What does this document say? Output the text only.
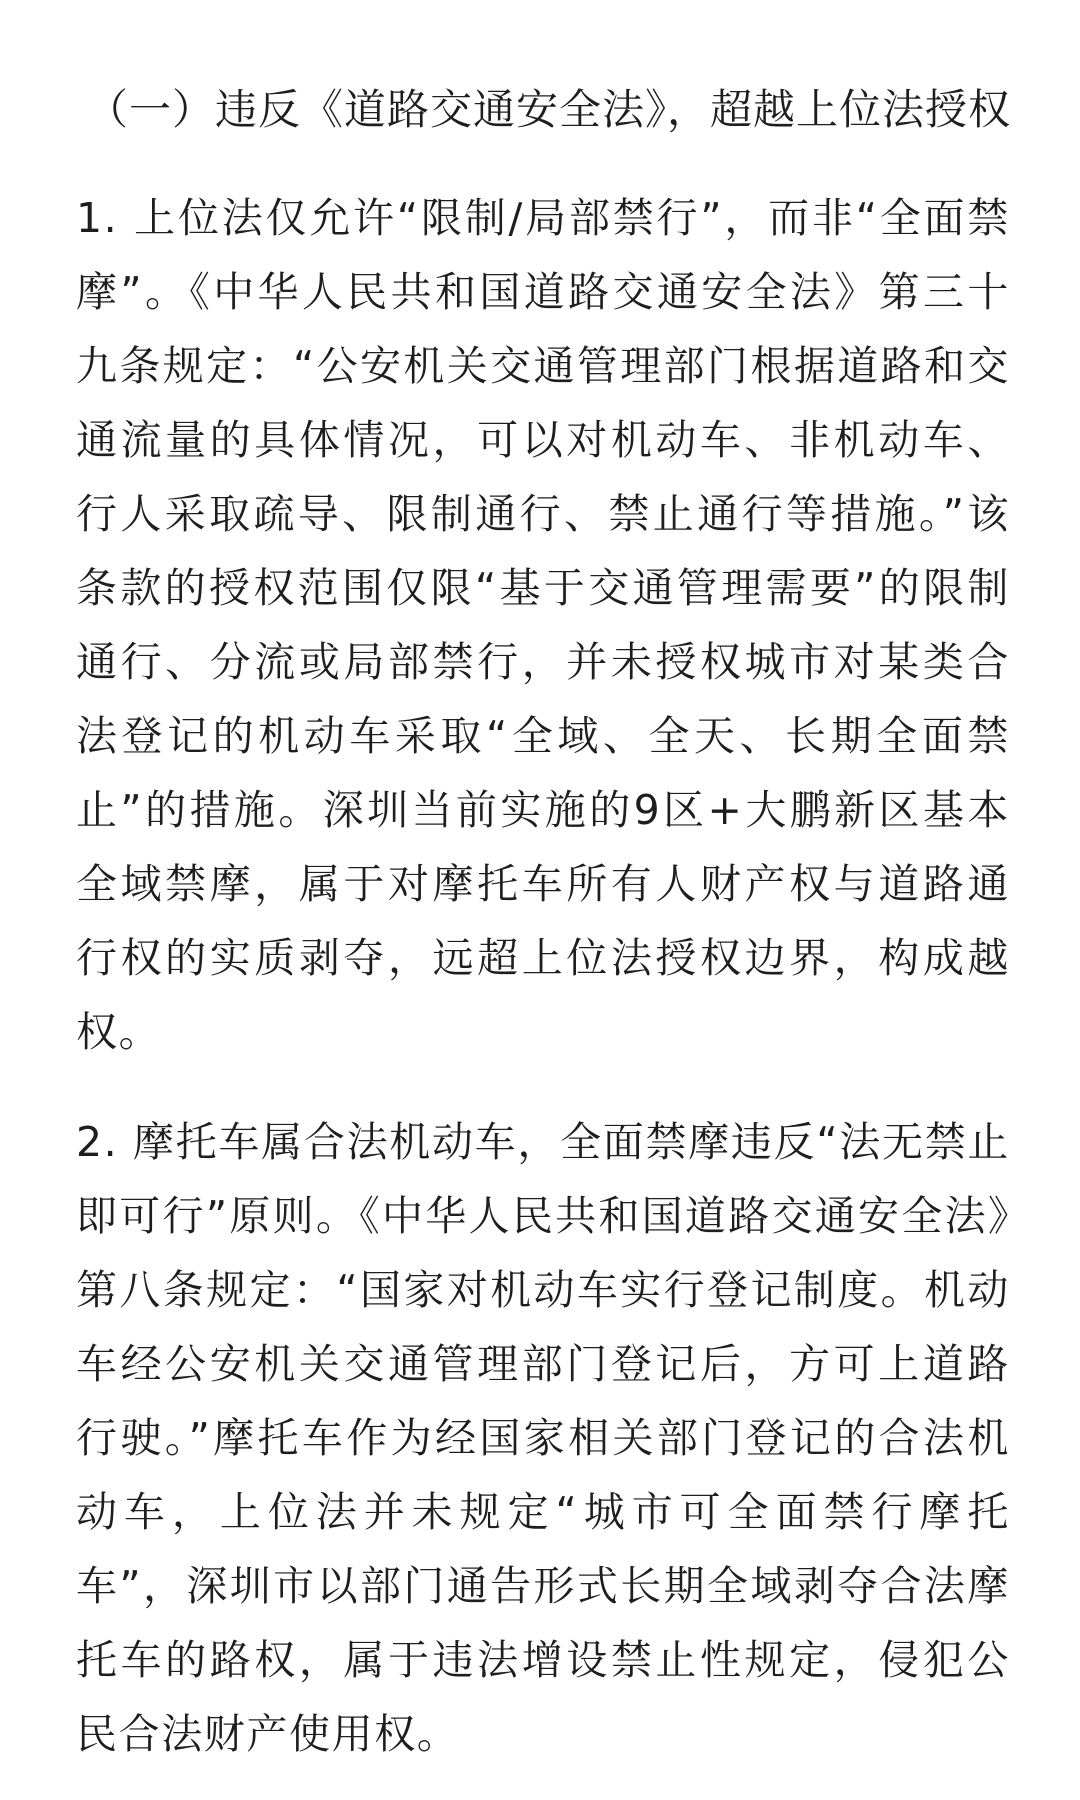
（一）违反《道路交通安全法》，超越上位法授权

1. 上位法仅允许“限制/局部禁行”，而非“全面禁摩”。《中华人民共和国道路交通安全法》第三十九条规定：“公安机关交通管理部门根据道路和交通流量的具体情况，可以对机动车、非机动车、行人采取疏导、限制通行、禁止通行等措施。”该条款的授权范围仅限“基于交通管理需要”的限制通行、分流或局部禁行，并未授权城市对某类合法登记的机动车采取“全域、全天、长期全面禁止”的措施。深圳当前实施的9区+大鹏新区基本全域禁摩，属于对摩托车所有人财产权与道路通行权的实质剥夺，远超上位法授权边界，构成越权。

2. 摩托车属合法机动车，全面禁摩违反“法无禁止即可行”原则。《中华人民共和国道路交通安全法》第八条规定：“国家对机动车实行登记制度。机动车经公安机关交通管理部门登记后，方可上道路行驶。”摩托车作为经国家相关部门登记的合法机动车，上位法并未规定“城市可全面禁行摩托车”，深圳市以部门通告形式长期全域剥夺合法摩托车的路权，属于违法增设禁止性规定，侵犯公民合法财产使用权。
